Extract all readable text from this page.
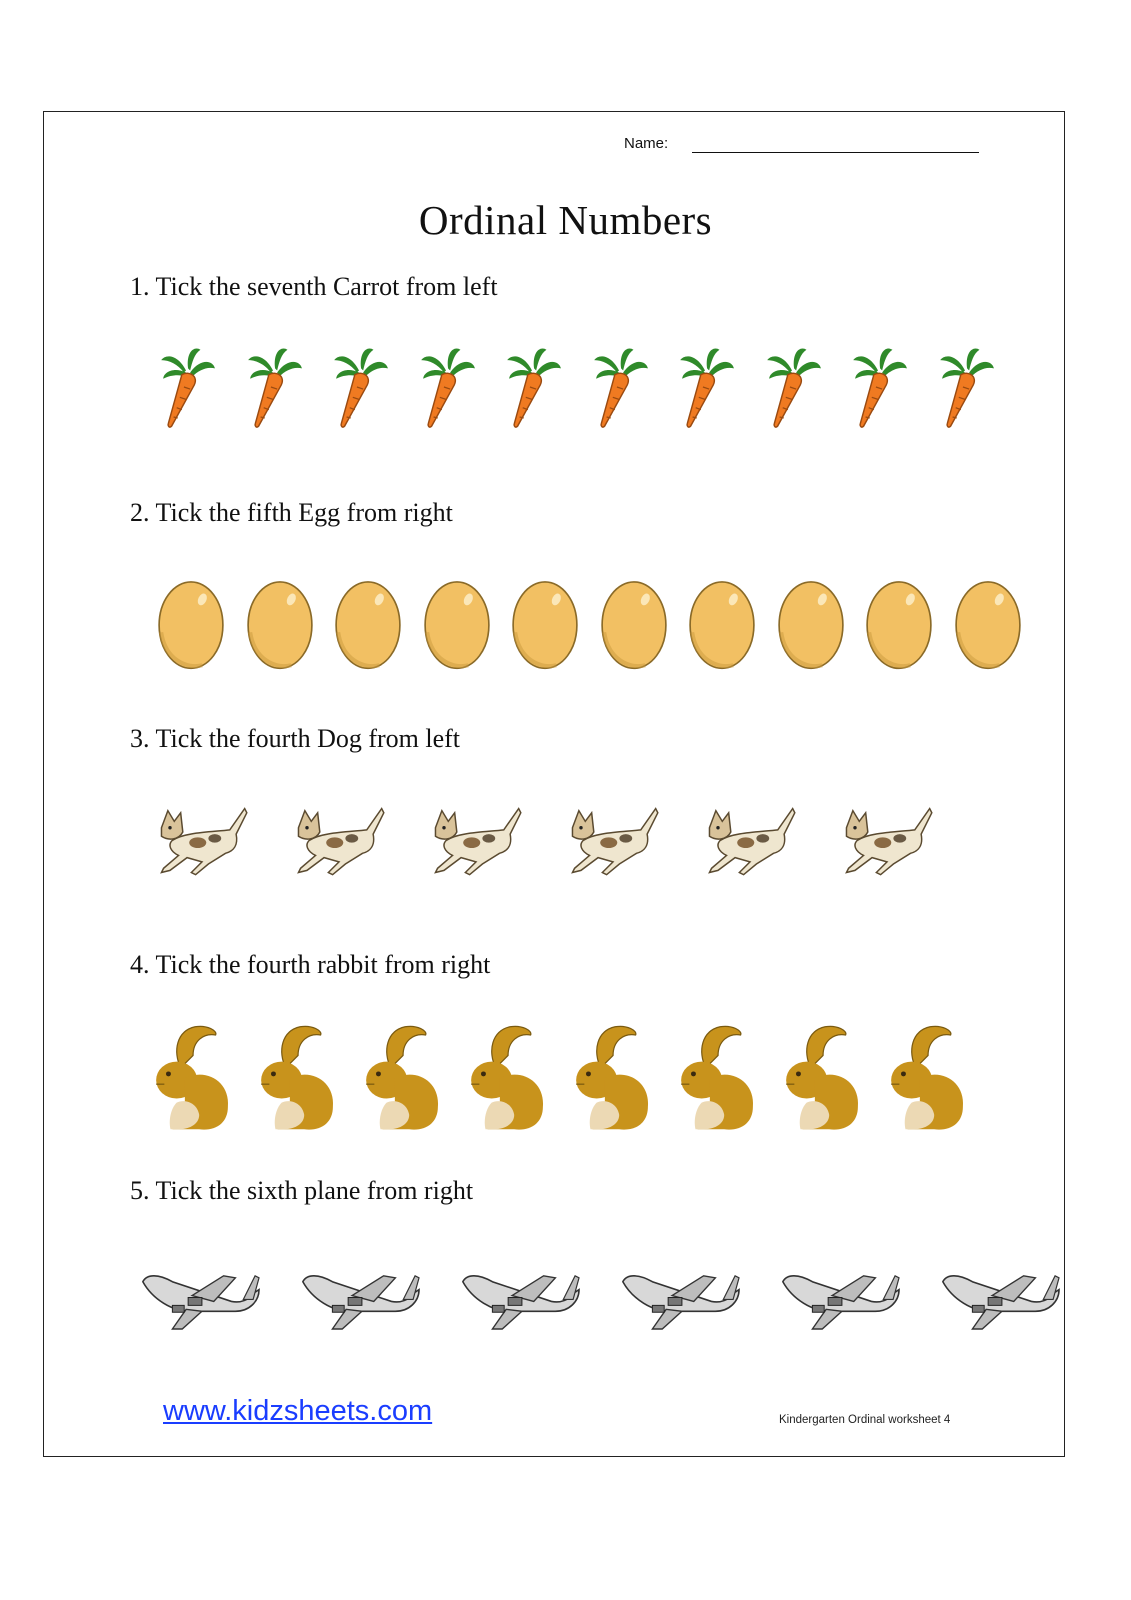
Name:
Ordinal Numbers

1. Tick the seventh Carrot from left

2. Tick the fifth Egg from right

3. Tick the fourth Dog from left

4. Tick the fourth rabbit from right

5. Tick the sixth plane from right

www.kidzsheets.com	Kindergarten Ordinal worksheet 4
